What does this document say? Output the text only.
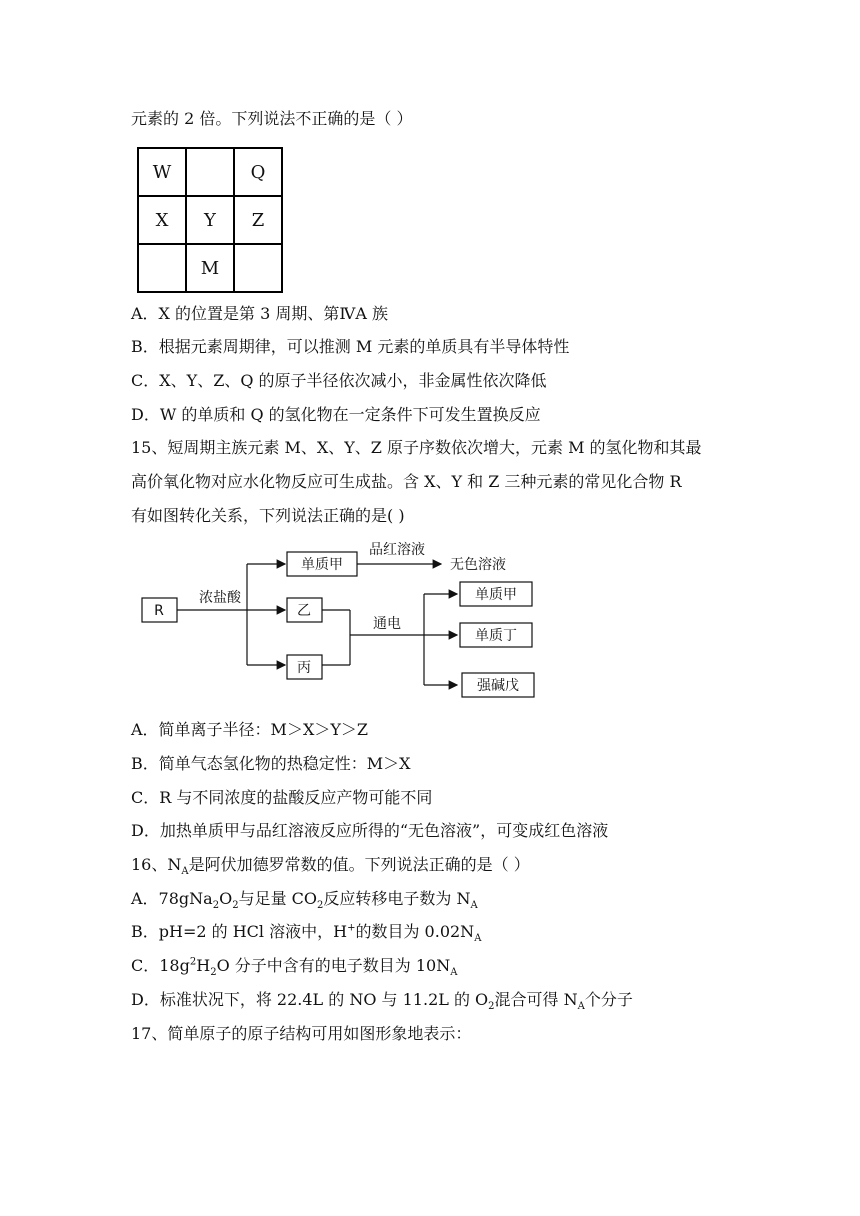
元素的 2 倍。下列说法不正确的是（ ）
W		Q
X	Y	Z
	M	
A．X 的位置是第 3 周期、第ⅣA 族
B．根据元素周期律，可以推测 M 元素的单质具有半导体特性
C．X、Y、Z、Q 的原子半径依次减小，非金属性依次降低
D．W 的单质和 Q 的氢化物在一定条件下可发生置换反应
15、短周期主族元素 M、X、Y、Z 原子序数依次增大，元素 M 的氢化物和其最
高价氧化物对应水化物反应可生成盐。含 X、Y 和 Z 三种元素的常见化合物 R
有如图转化关系，下列说法正确的是( )
R
浓盐酸
单质甲
品红溶液
无色溶液
乙
丙
通电
单质甲
单质丁
强碱戊
A．简单离子半径：M＞X＞Y＞Z
B．简单气态氢化物的热稳定性：M＞X
C．R 与不同浓度的盐酸反应产物可能不同
D．加热单质甲与品红溶液反应所得的“无色溶液”，可变成红色溶液
16、$N_A$是阿伏加德罗常数的值。下列说法正确的是（ ）
A．$78gNa_2O_2$与足量 $CO_2$反应转移电子数为 $N_A$
B．pH=2 的 HCl 溶液中，H+的数目为 $0.02N_A$
C．$18g^2H_2O$ 分子中含有的电子数目为 $10N_A$
D．标准状况下，将 22.4L 的 NO 与 11.2L 的 $O_2$混合可得 $N_A$个分子
17、简单原子的原子结构可用如图形象地表示：
